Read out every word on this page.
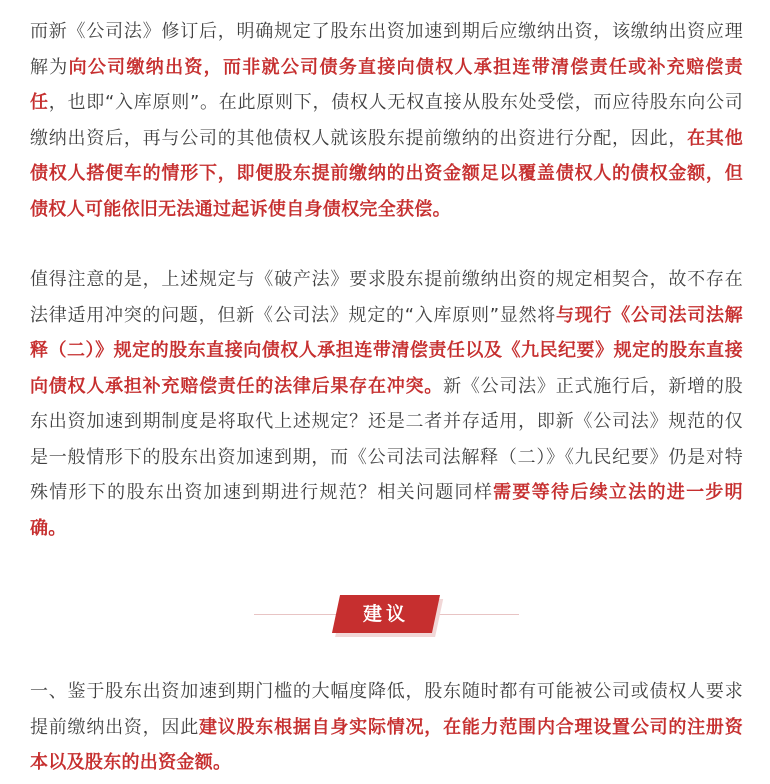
而新《公司法》修订后，明确规定了股东出资加速到期后应缴纳出资，该缴纳出资应理解为向公司缴纳出资，而非就公司债务直接向债权人承担连带清偿责任或补充赔偿责任，也即“入库原则”。在此原则下，债权人无权直接从股东处受偿，而应待股东向公司缴纳出资后，再与公司的其他债权人就该股东提前缴纳的出资进行分配，因此，在其他债权人搭便车的情形下，即便股东提前缴纳的出资金额足以覆盖债权人的债权金额，但债权人可能依旧无法通过起诉使自身债权完全获偿。

值得注意的是，上述规定与《破产法》要求股东提前缴纳出资的规定相契合，故不存在法律适用冲突的问题，但新《公司法》规定的“入库原则”显然将与现行《公司法司法解释（二）》规定的股东直接向债权人承担连带清偿责任以及《九民纪要》规定的股东直接向债权人承担补充赔偿责任的法律后果存在冲突。新《公司法》正式施行后，新增的股东出资加速到期制度是将取代上述规定？还是二者并存适用，即新《公司法》规范的仅是一般情形下的股东出资加速到期，而《公司法司法解释（二）》《九民纪要》仍是对特殊情形下的股东出资加速到期进行规范？相关问题同样需要等待后续立法的进一步明确。

建议

一、鉴于股东出资加速到期门槛的大幅度降低，股东随时都有可能被公司或债权人要求提前缴纳出资，因此建议股东根据自身实际情况，在能力范围内合理设置公司的注册资本以及股东的出资金额。
